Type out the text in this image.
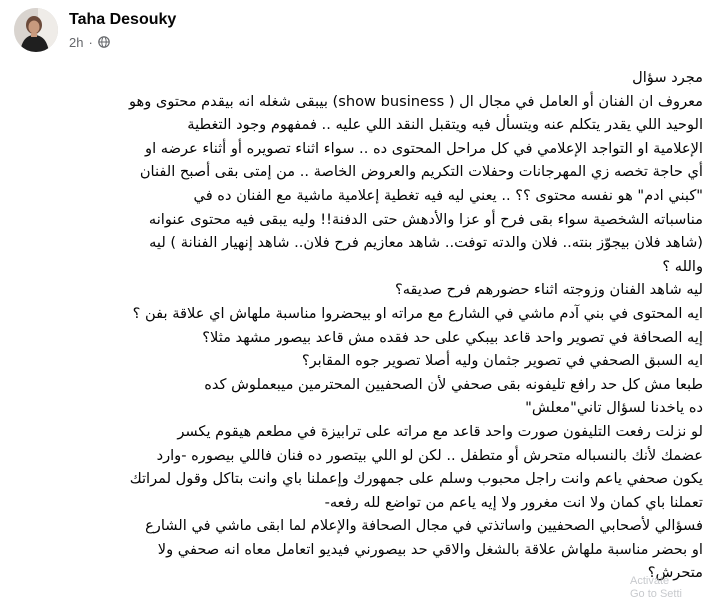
Taha Desouky
2h ·
مجرد سؤال
معروف ان الفنان أو العامل في مجال ال ( show business) بيبقى شغله انه بيقدم محتوى وهو
الوحيد اللي يقدر يتكلم عنه ويتسأل فيه ويتقبل النقد اللي عليه .. فمفهوم وجود التغطية
الإعلامية او التواجد الإعلامي في كل مراحل المحتوى ده .. سواء اثناء تصويره أو أثناء عرضه او
أي حاجة تخصه زي المهرجانات وحفلات التكريم والعروض الخاصة .. من إمتى بقى أصبح الفنان
"كبني ادم" هو نفسه محتوى ؟؟ .. يعني ليه فيه تغطية إعلامية ماشية مع الفنان ده في
مناسباته الشخصية سواء بقى فرح أو عزا والأدهش حتى الدفنة!! وليه يبقى فيه محتوى عنوانه
(شاهد فلان بيجوّز بنته.. فلان والدته توفت.. شاهد معازيم فرح فلان.. شاهد إنهيار الفنانة ) ليه
والله ؟
ليه شاهد الفنان وزوجته اثناء حضورهم فرح صديقه؟
ايه المحتوى في بني آدم ماشي في الشارع مع مراته او بيحضروا مناسبة ملهاش اي علاقة بفن ؟
إيه الصحافة في تصوير واحد قاعد بيبكي على حد فقده مش قاعد بيصور مشهد مثلا؟
ايه السبق الصحفي في تصوير جثمان وليه أصلا تصوير جوه المقابر؟
طبعا مش كل حد رافع تليفونه بقى صحفي لأن الصحفيين المحترمين ميبعملوش كده
ده ياخدنا لسؤال تاني"معلش"
لو نزلت رفعت التليفون صورت واحد قاعد مع مراته على ترابيزة في مطعم هيقوم يكسر
عضمك لأنك بالنسباله متحرش أو متطفل .. لكن لو اللي بيتصور ده فنان فاللي بيصوره -وارد
يكون صحفي ياعم وانت راجل محبوب وسلم على جمهورك وإعملنا باي وانت بتاكل وقول لمراتك
تعملنا باي كمان ولا انت مغرور ولا إيه ياعم من تواضع لله رفعه-
فسؤالي لأصحابي الصحفيين واساتذتي في مجال الصحافة والإعلام لما ابقى ماشي في الشارع
او بحضر مناسبة ملهاش علاقة بالشغل والاقي حد بيصورني فيديو اتعامل معاه انه صحفي ولا
متحرش؟
Activate
Go to Setti
